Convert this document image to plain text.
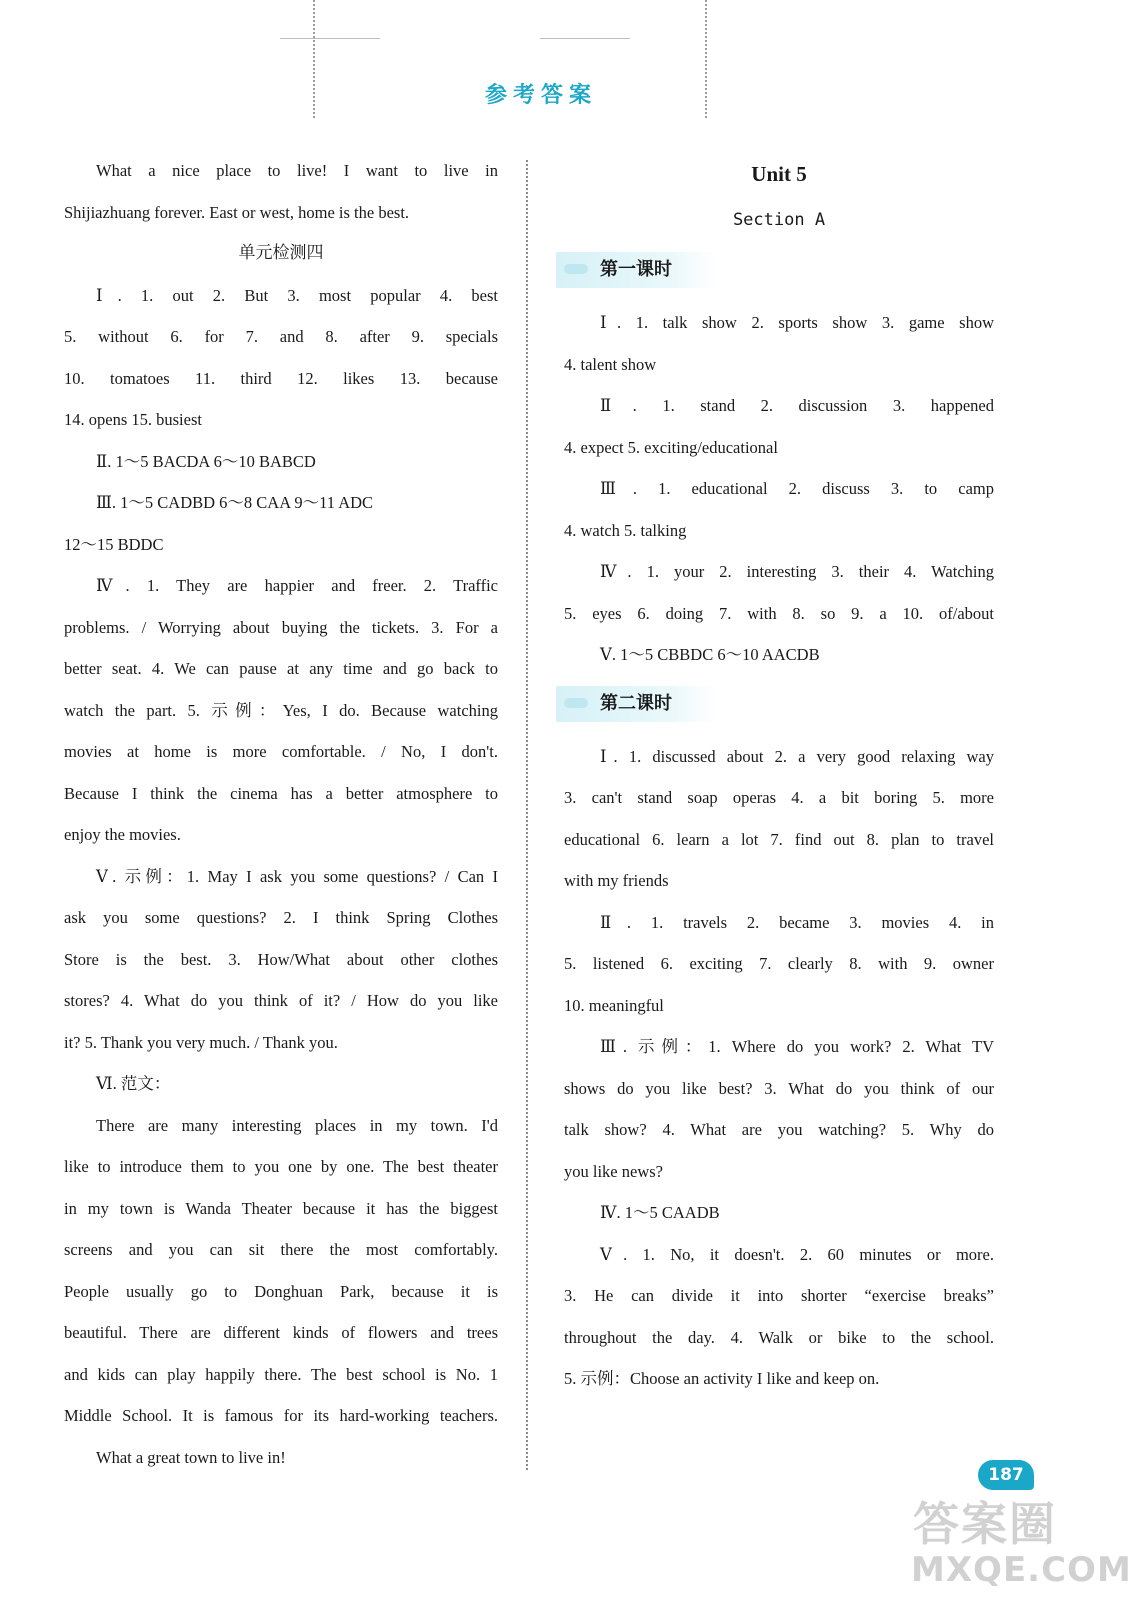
参考答案
What a nice place to live! I want to live in
Shijiazhuang forever. East or west, home is the best.
单元检测四
Ⅰ. 1. out 2. But 3. most popular 4. best
5. without 6. for 7. and 8. after 9. specials
10. tomatoes 11. third 12. likes 13. because
14. opens 15. busiest
Ⅱ. 1～5 BACDA 6～10 BABCD
Ⅲ. 1～5 CADBD 6～8 CAA 9～11 ADC
12～15 BDDC
Ⅳ. 1. They are happier and freer. 2. Traffic
problems. / Worrying about buying the tickets. 3. For a
better seat. 4. We can pause at any time and go back to
watch the part. 5. 示例：Yes, I do. Because watching
movies at home is more comfortable. / No, I don't.
Because I think the cinema has a better atmosphere to
enjoy the movies.
Ⅴ. 示例：1. May I ask you some questions? / Can I
ask you some questions? 2. I think Spring Clothes
Store is the best. 3. How/What about other clothes
stores? 4. What do you think of it? / How do you like
it? 5. Thank you very much. / Thank you.
Ⅵ. 范文：
There are many interesting places in my town. I'd
like to introduce them to you one by one. The best theater
in my town is Wanda Theater because it has the biggest
screens and you can sit there the most comfortably.
People usually go to Donghuan Park, because it is
beautiful. There are different kinds of flowers and trees
and kids can play happily there. The best school is No. 1
Middle School. It is famous for its hard-working teachers.
What a great town to live in!
Unit 5
Section A
第一课时
Ⅰ. 1. talk show 2. sports show 3. game show
4. talent show
Ⅱ. 1. stand 2. discussion 3. happened
4. expect 5. exciting/educational
Ⅲ. 1. educational 2. discuss 3. to camp
4. watch 5. talking
Ⅳ. 1. your 2. interesting 3. their 4. Watching
5. eyes 6. doing 7. with 8. so 9. a 10. of/about
Ⅴ. 1～5 CBBDC 6～10 AACDB
第二课时
Ⅰ. 1. discussed about 2. a very good relaxing way
3. can't stand soap operas 4. a bit boring 5. more
educational 6. learn a lot 7. find out 8. plan to travel
with my friends
Ⅱ. 1. travels 2. became 3. movies 4. in
5. listened 6. exciting 7. clearly 8. with 9. owner
10. meaningful
Ⅲ. 示例：1. Where do you work? 2. What TV
shows do you like best? 3. What do you think of our
talk show? 4. What are you watching? 5. Why do
you like news?
Ⅳ. 1～5 CAADB
Ⅴ. 1. No, it doesn't. 2. 60 minutes or more.
3. He can divide it into shorter “exercise breaks”
throughout the day. 4. Walk or bike to the school.
5. 示例：Choose an activity I like and keep on.
187
答案圈
MXQE.COM
